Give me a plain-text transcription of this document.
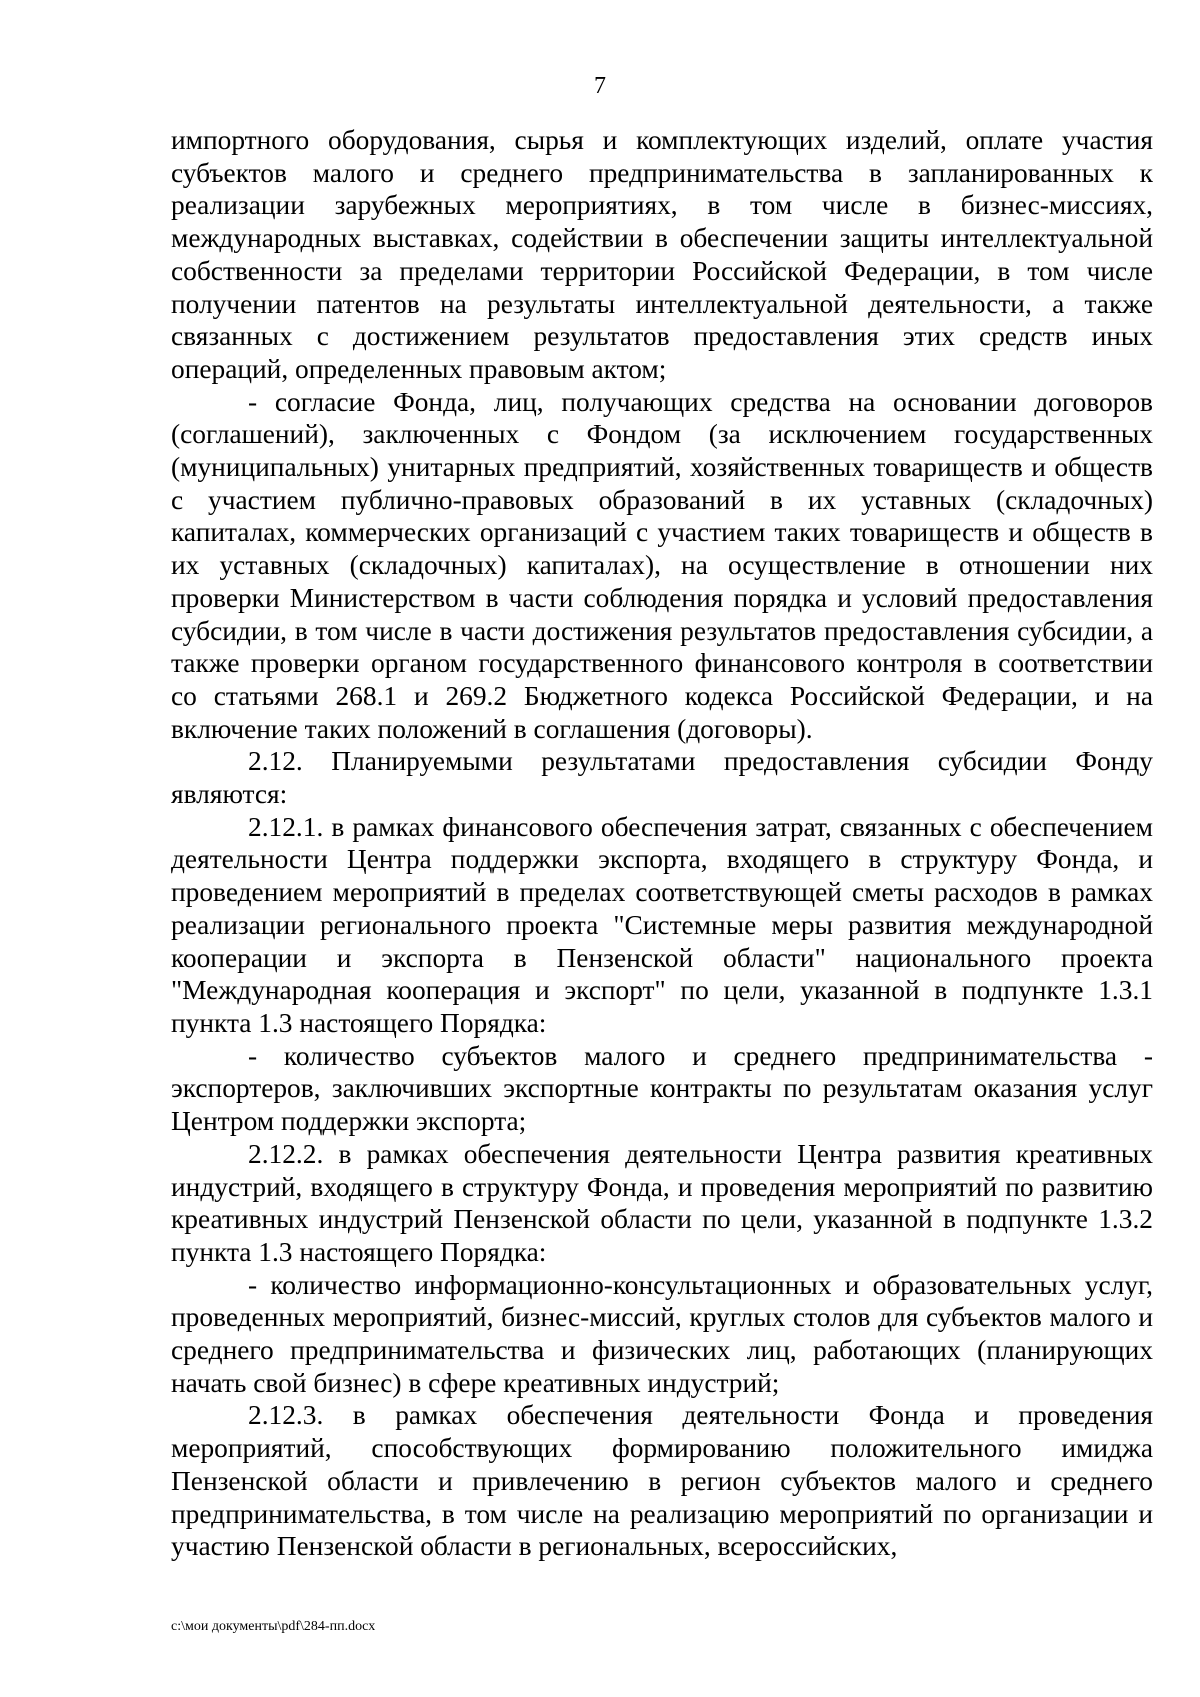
7

импортного оборудования, сырья и комплектующих изделий, оплате участия субъектов малого и среднего предпринимательства в запланированных к реализации зарубежных мероприятиях, в том числе в бизнес-миссиях, международных выставках, содействии в обеспечении защиты интеллектуальной собственности за пределами территории Российской Федерации, в том числе получении патентов на результаты интеллектуальной деятельности, а также связанных с достижением результатов предоставления этих средств иных операций, определенных правовым актом;

- согласие Фонда, лиц, получающих средства на основании договоров (соглашений), заключенных с Фондом (за исключением государственных (муниципальных) унитарных предприятий, хозяйственных товариществ и обществ с участием публично-правовых образований в их уставных (складочных) капиталах, коммерческих организаций с участием таких товариществ и обществ в их уставных (складочных) капиталах), на осуществление в отношении них проверки Министерством в части соблюдения порядка и условий предоставления субсидии, в том числе в части достижения результатов предоставления субсидии, а также проверки органом государственного финансового контроля в соответствии со статьями 268.1 и 269.2 Бюджетного кодекса Российской Федерации, и на включение таких положений в соглашения (договоры).

2.12. Планируемыми результатами предоставления субсидии Фонду являются:

2.12.1. в рамках финансового обеспечения затрат, связанных с обеспечением деятельности Центра поддержки экспорта, входящего в структуру Фонда, и проведением мероприятий в пределах соответствующей сметы расходов в рамках реализации регионального проекта "Системные меры развития международной кооперации и экспорта в Пензенской области" национального проекта "Международная кооперация и экспорт" по цели, указанной в подпункте 1.3.1 пункта 1.3 настоящего Порядка:

- количество субъектов малого и среднего предпринимательства - экспортеров, заключивших экспортные контракты по результатам оказания услуг Центром поддержки экспорта;

2.12.2. в рамках обеспечения деятельности Центра развития креативных индустрий, входящего в структуру Фонда, и проведения мероприятий по развитию креативных индустрий Пензенской области по цели, указанной в подпункте 1.3.2 пункта 1.3 настоящего Порядка:

- количество информационно-консультационных и образовательных услуг, проведенных мероприятий, бизнес-миссий, круглых столов для субъектов малого и среднего предпринимательства и физических лиц, работающих (планирующих начать свой бизнес) в сфере креативных индустрий;

2.12.3. в рамках обеспечения деятельности Фонда и проведения мероприятий, способствующих формированию положительного имиджа Пензенской области и привлечению в регион субъектов малого и среднего предпринимательства, в том числе на реализацию мероприятий по организации и участию Пензенской области в региональных, всероссийских,

c:\мои документы\pdf\284-пп.docx
